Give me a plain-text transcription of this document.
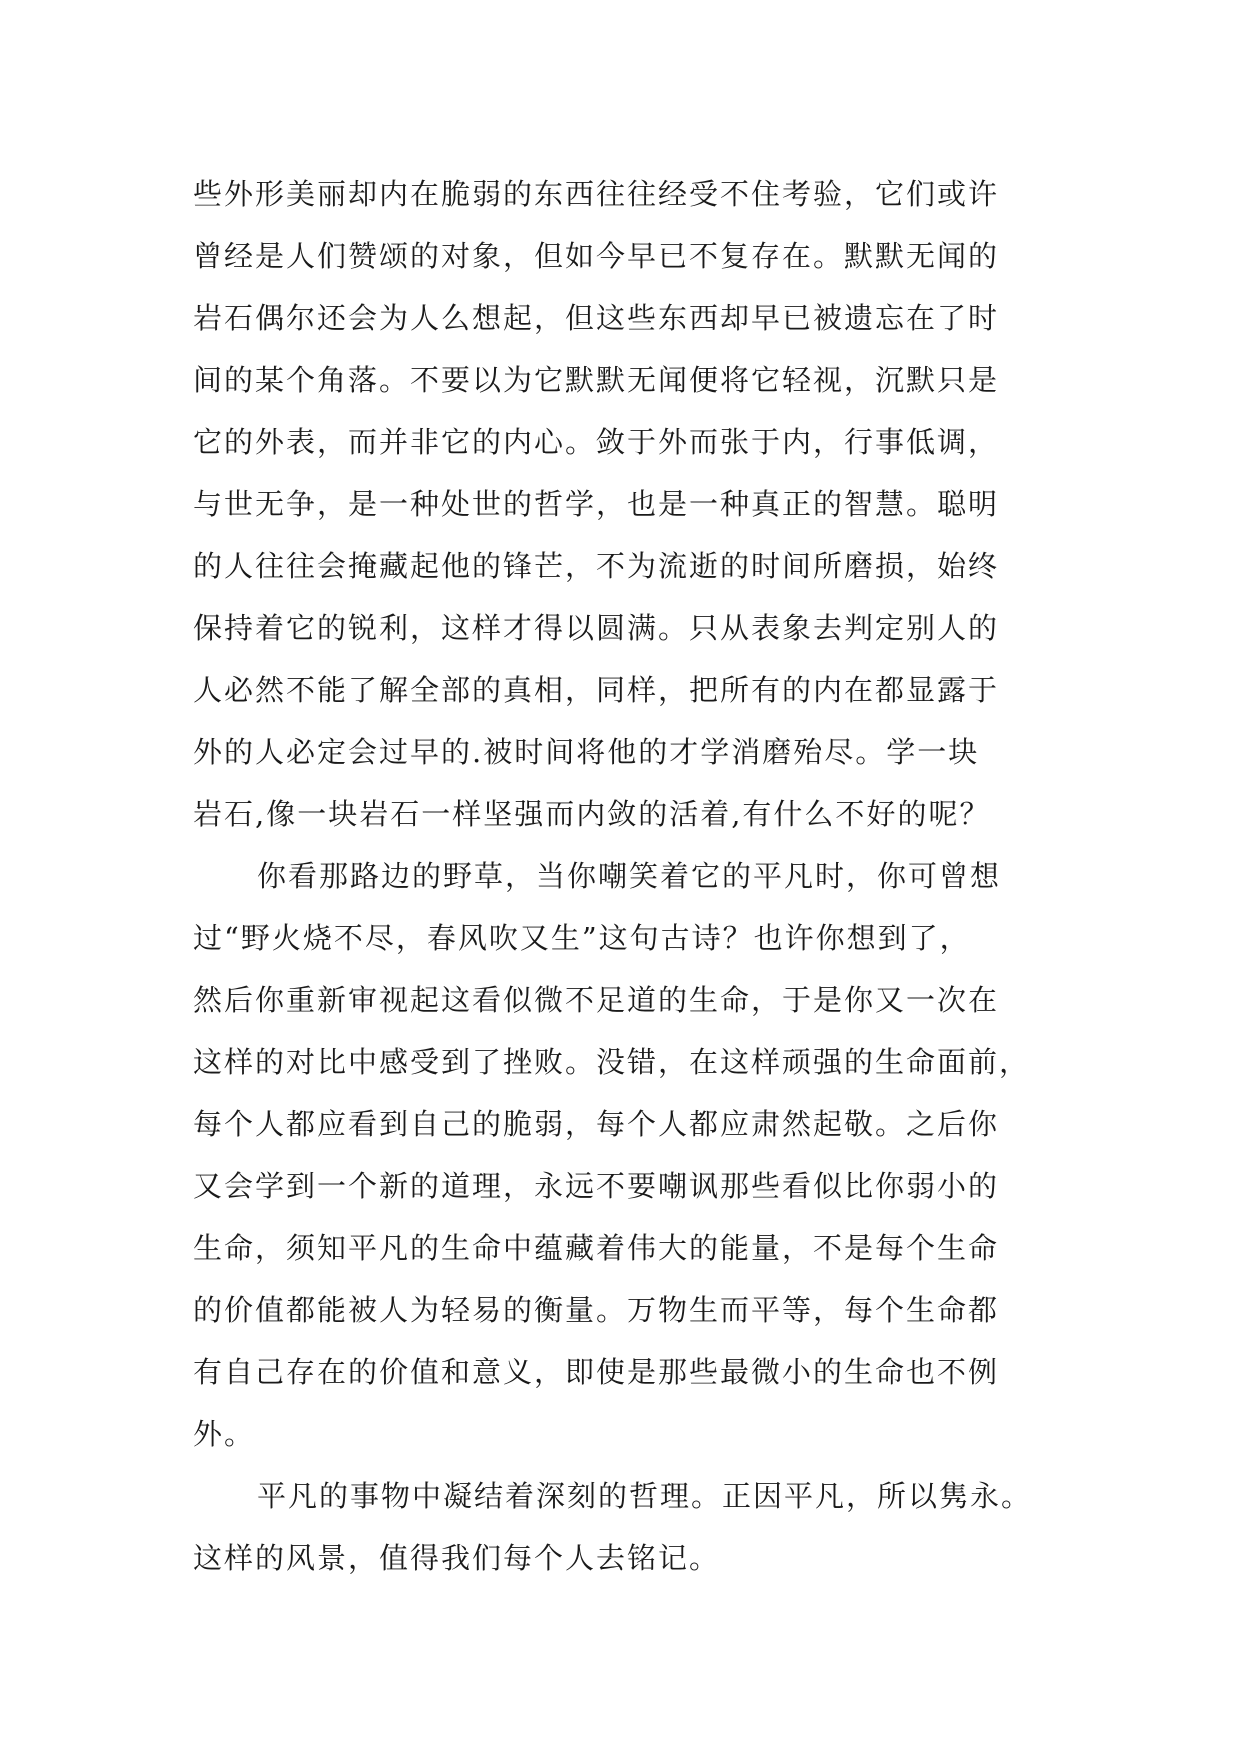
些外形美丽却内在脆弱的东西往往经受不住考验，它们或许
曾经是人们赞颂的对象，但如今早已不复存在。默默无闻的
岩石偶尔还会为人么想起，但这些东西却早已被遗忘在了时
间的某个角落。不要以为它默默无闻便将它轻视，沉默只是
它的外表，而并非它的内心。敛于外而张于内，行事低调，
与世无争，是一种处世的哲学，也是一种真正的智慧。聪明
的人往往会掩藏起他的锋芒，不为流逝的时间所磨损，始终
保持着它的锐利，这样才得以圆满。只从表象去判定别人的
人必然不能了解全部的真相，同样，把所有的内在都显露于
外的人必定会过早的.被时间将他的才学消磨殆尽。学一块
岩石,像一块岩石一样坚强而内敛的活着,有什么不好的呢？
你看那路边的野草，当你嘲笑着它的平凡时，你可曾想
过“野火烧不尽，春风吹又生”这句古诗？也许你想到了，
然后你重新审视起这看似微不足道的生命，于是你又一次在
这样的对比中感受到了挫败。没错，在这样顽强的生命面前，
每个人都应看到自己的脆弱，每个人都应肃然起敬。之后你
又会学到一个新的道理，永远不要嘲讽那些看似比你弱小的
生命，须知平凡的生命中蕴藏着伟大的能量，不是每个生命
的价值都能被人为轻易的衡量。万物生而平等，每个生命都
有自己存在的价值和意义，即使是那些最微小的生命也不例
外。
平凡的事物中凝结着深刻的哲理。正因平凡，所以隽永。
这样的风景，值得我们每个人去铭记。
